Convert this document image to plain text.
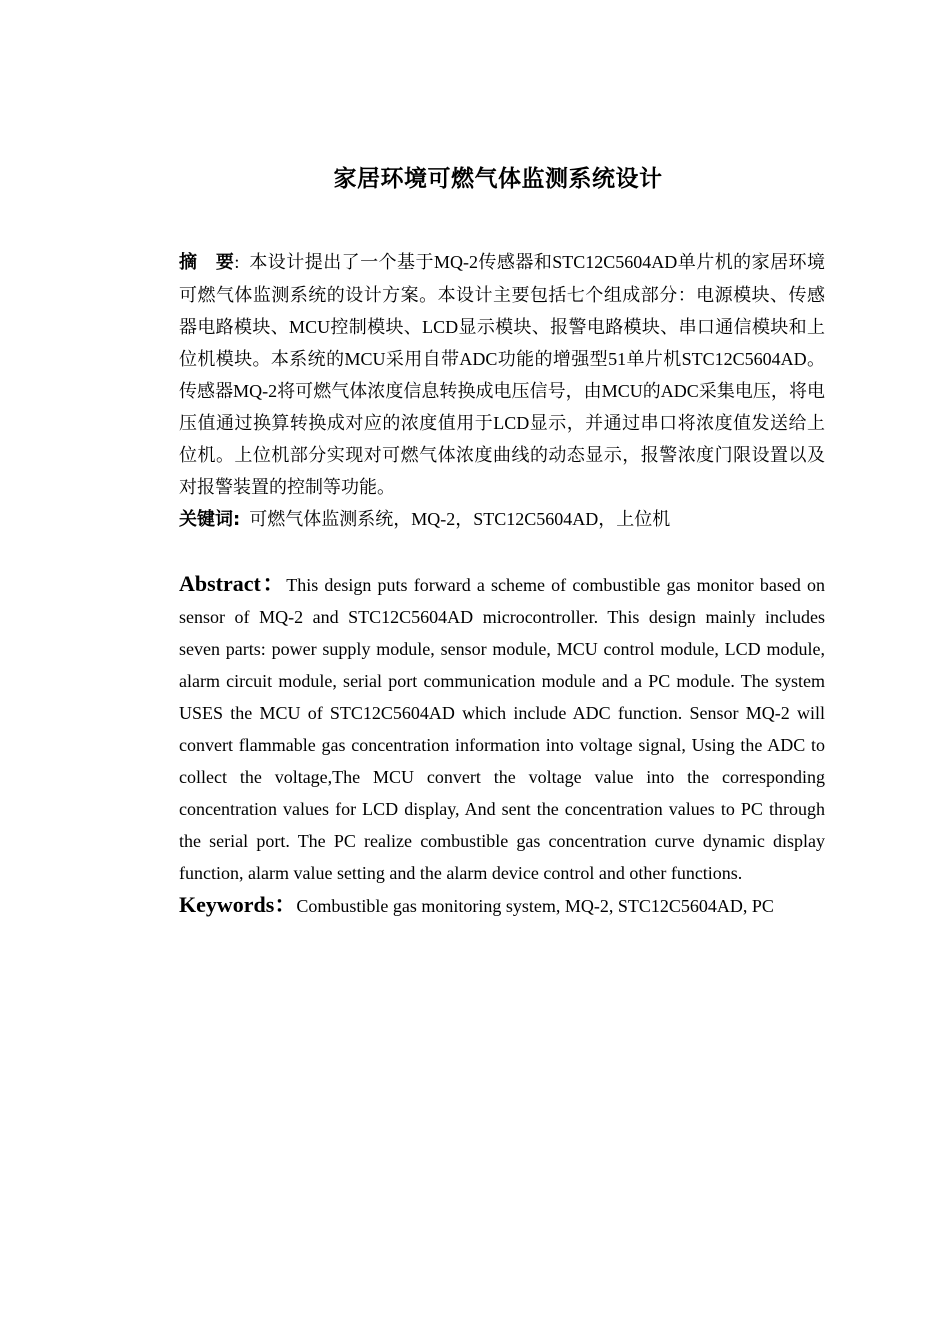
家居环境可燃气体监测系统设计

摘　要: 本设计提出了一个基于MQ-2传感器和STC12C5604AD单片机的家居环境可燃气体监测系统的设计方案。本设计主要包括七个组成部分：电源模块、传感器电路模块、MCU控制模块、LCD显示模块、报警电路模块、串口通信模块和上位机模块。本系统的MCU采用自带ADC功能的增强型51单片机STC12C5604AD。传感器MQ-2将可燃气体浓度信息转换成电压信号，由MCU的ADC采集电压，将电压值通过换算转换成对应的浓度值用于LCD显示，并通过串口将浓度值发送给上位机。上位机部分实现对可燃气体浓度曲线的动态显示，报警浓度门限设置以及对报警装置的控制等功能。

关键词: 可燃气体监测系统，MQ-2，STC12C5604AD，上位机

Abstract：This design puts forward a scheme of combustible gas monitor based on sensor of MQ-2 and STC12C5604AD microcontroller. This design mainly includes seven parts: power supply module, sensor module, MCU control module, LCD module, alarm circuit module, serial port communication module and a PC module. The system USES the MCU of STC12C5604AD which include ADC function. Sensor MQ-2 will convert flammable gas concentration information into voltage signal, Using the ADC to collect the voltage,The MCU convert the voltage value into the corresponding concentration values for LCD display, And sent the concentration values to PC through the serial port. The PC realize combustible gas concentration curve dynamic display function, alarm value setting and the alarm device control and other functions.

Keywords：Combustible gas monitoring system, MQ-2, STC12C5604AD, PC
